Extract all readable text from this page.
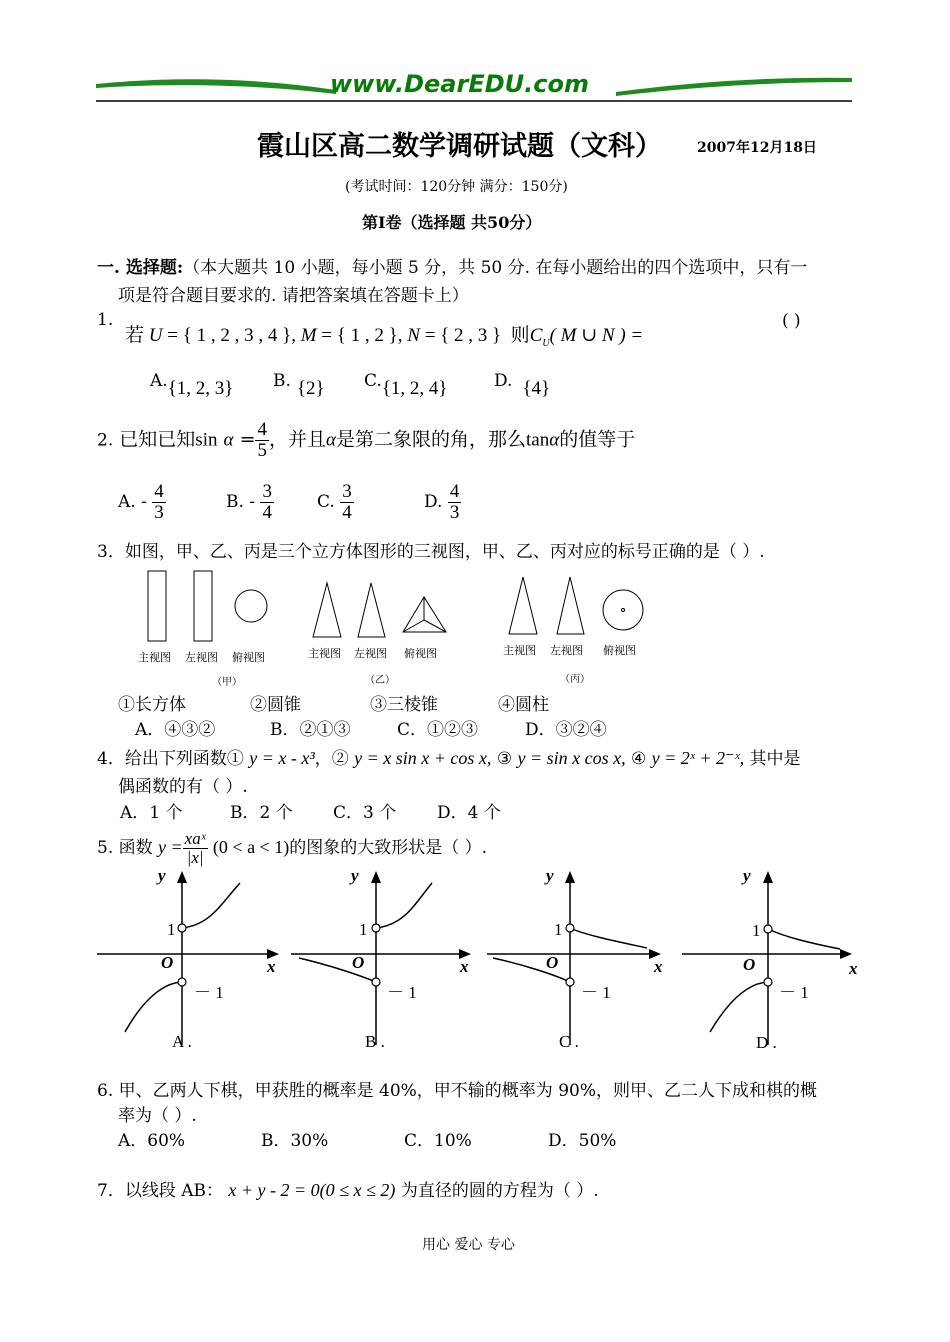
www.DearEDU.com
霞山区高二数学调研试题（文科）	2007年12月18日
(考试时间：120分钟 满分：150分)
第Ⅰ卷（选择题 共50分）
一. 选择题:（本大题共 10 小题，每小题 5 分，共 50 分. 在每小题给出的四个选项中，只有一
项是符合题目要求的. 请把答案填在答题卡上）
1.
若 U = { 1 , 2 , 3 , 4 }, M = { 1 , 2 }, N = { 2 , 3 } 则$C_U$( M ∪ N ) =
( )
A.{1, 2, 3} B. {2} C.{1, 2, 4}	D. {4}
2. 已知已知$\sin \alpha = \frac{4}{5}$ ，并且α是第二象限的角，那么tanα的值等于
A. - $\frac{4}{3}$	B. - $\frac{3}{4}$	C. $\frac{3}{4}$	D. $\frac{4}{3}$
3．如图，甲、乙、丙是三个立方体图形的三视图，甲、乙、丙对应的标号正确的是（ ）.
主视图 左视图 俯视图
（甲）
主视图 左视图 俯视图
（乙）
主视图 左视图 俯视图
（丙）
①长方体	②圆锥	③三棱锥	④圆柱
A．④③②	B．②①③	C．①②③	D．③②④
4．给出下列函数① y = x - x³，② y = x sin x + cos x, ③ y = sin x cos x, ④ y = 2ˣ + 2⁻ˣ, 其中是
偶函数的有（ ）.
A．1 个	B．2 个 C．3 个 D．4 个
5. 函数 $y = \frac{\text{xaˣ}}{|x|} (0 < a < 1)$的图象的大致形状是（ ）.
y
x
O
1
－ 1
A .
y
x
O
1
－ 1
B .
y
x
O
1
－ 1
C .
y
x
O
1
－ 1
D .
6. 甲、乙两人下棋，甲获胜的概率是 40%，甲不输的概率为 90%，则甲、乙二人下成和棋的概
率为（ ）.
A．60%	B．30%	C．10%	D．50%
7．以线段 AB： x + y - 2 = 0(0 ≤ x ≤ 2) 为直径的圆的方程为（ ）.
用心 爱心 专心
